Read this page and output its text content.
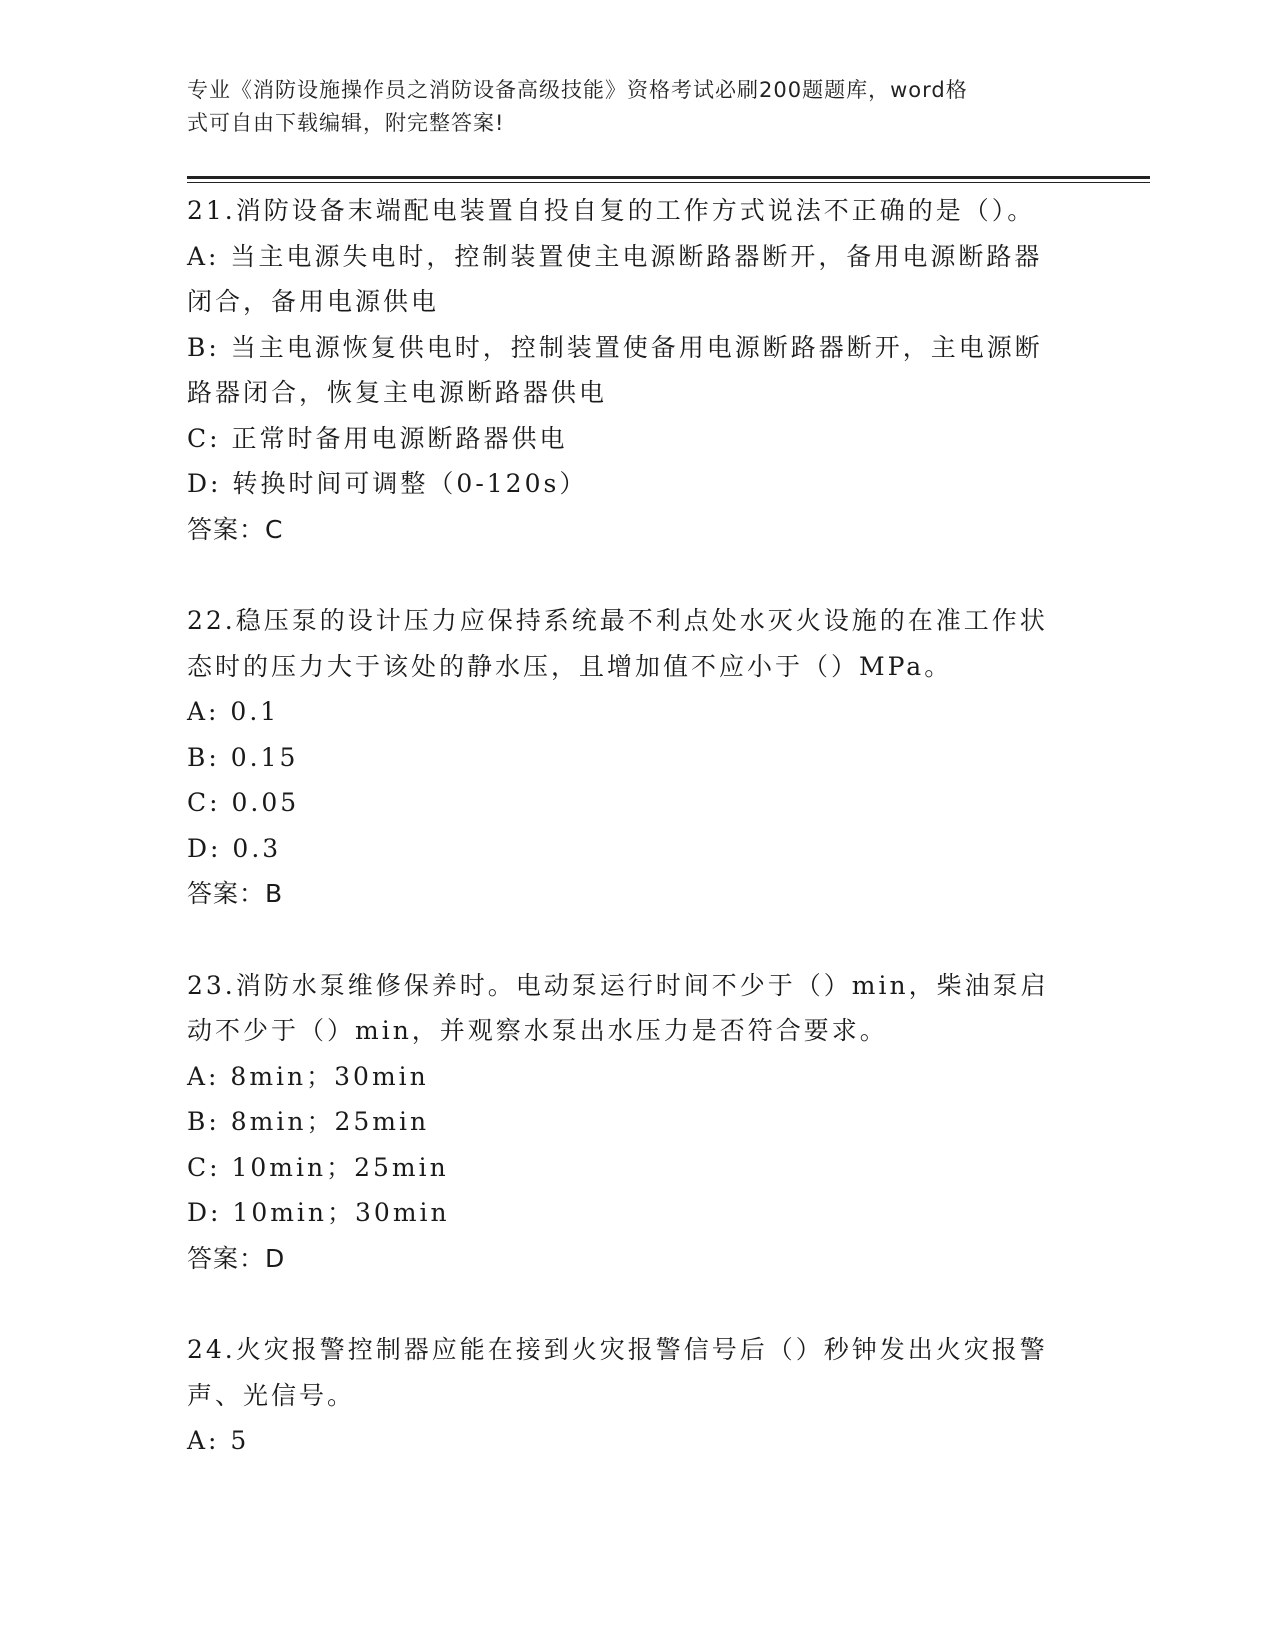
专业《消防设施操作员之消防设备高级技能》资格考试必刷200题题库，word格
式可自由下载编辑，附完整答案!
21.消防设备末端配电装置自投自复的工作方式说法不正确的是（）。
A: 当主电源失电时，控制装置使主电源断路器断开，备用电源断路器
闭合，备用电源供电
B: 当主电源恢复供电时，控制装置使备用电源断路器断开，主电源断
路器闭合，恢复主电源断路器供电
C: 正常时备用电源断路器供电
D: 转换时间可调整（0-120s）
答案：C
22.稳压泵的设计压力应保持系统最不利点处水灭火设施的在准工作状
态时的压力大于该处的静水压，且增加值不应小于（）MPa。
A: 0.1
B: 0.15
C: 0.05
D: 0.3
答案：B
23.消防水泵维修保养时。电动泵运行时间不少于（）min，柴油泵启
动不少于（）min，并观察水泵出水压力是否符合要求。
A: 8min；30min
B: 8min；25min
C: 10min；25min
D: 10min；30min
答案：D
24.火灾报警控制器应能在接到火灾报警信号后（）秒钟发出火灾报警
声、光信号。
A: 5
